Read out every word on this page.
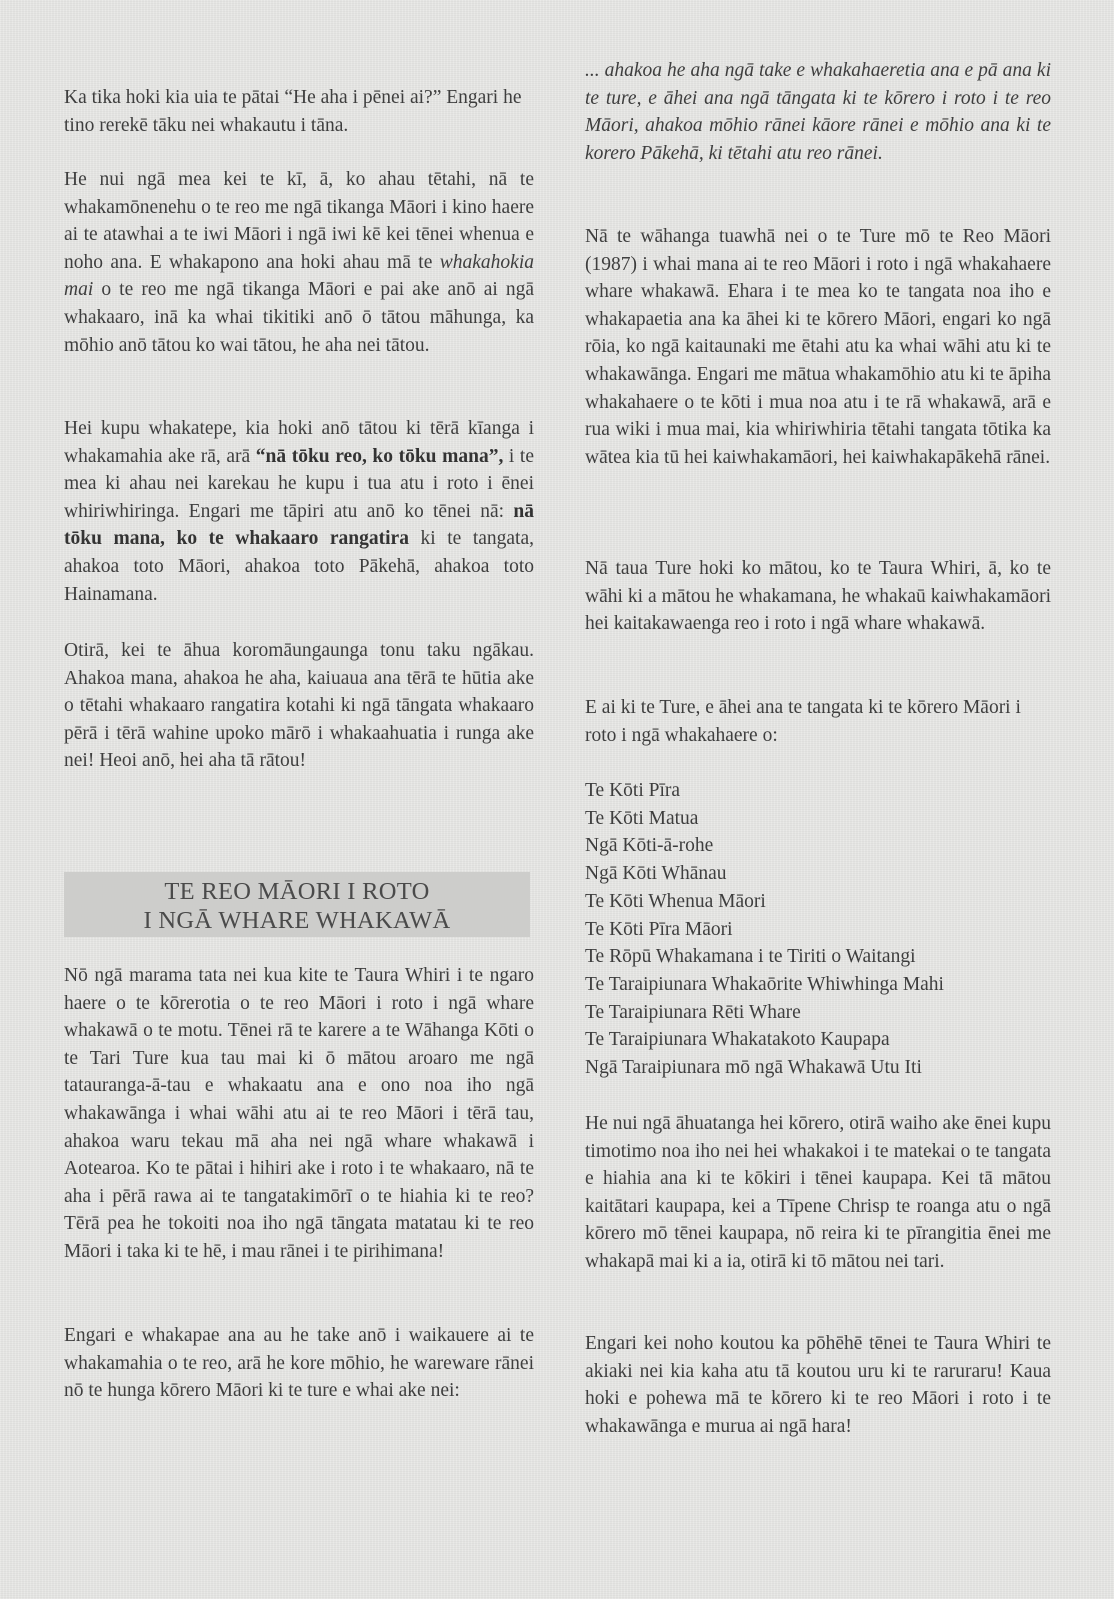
Ka tika hoki kia uia te pātai “He aha i pēnei ai?” Engari he tino rerekē tāku nei whakautu i tāna.

He nui ngā mea kei te kī, ā, ko ahau tētahi, nā te whakamōnenehu o te reo me ngā tikanga Māori i kino haere ai te atawhai a te iwi Māori i ngā iwi kē kei tēnei whenua e noho ana. E whakapono ana hoki ahau mā te whakahokia mai o te reo me ngā tikanga Māori e pai ake anō ai ngā whakaaro, inā ka whai tikitiki anō ō tātou māhunga, ka mōhio anō tātou ko wai tātou, he aha nei tātou.

Hei kupu whakatepe, kia hoki anō tātou ki tērā kīanga i whakamahia ake rā, arā “nā tōku reo, ko tōku mana”, i te mea ki ahau nei karekau he kupu i tua atu i roto i ēnei whiriwhiringa. Engari me tāpiri atu anō ko tēnei nā: nā tōku mana, ko te whakaaro rangatira ki te tangata, ahakoa toto Māori, ahakoa toto Pākehā, ahakoa toto Hainamana.

Otirā, kei te āhua koromāungaunga tonu taku ngākau. Ahakoa mana, ahakoa he aha, kaiuaua ana tērā te hūtia ake o tētahi whakaaro rangatira kotahi ki ngā tāngata whakaaro pērā i tērā wahine upoko mārō i whakaahuatia i runga ake nei! Heoi anō, hei aha tā rātou!

Nō ngā marama tata nei kua kite te Taura Whiri i te ngaro haere o te kōrerotia o te reo Māori i roto i ngā whare whakawā o te motu. Tēnei rā te karere a te Wāhanga Kōti o te Tari Ture kua tau mai ki ō mātou aroaro me ngā tatauranga-ā-tau e whakaatu ana e ono noa iho ngā whakawānga i whai wāhi atu ai te reo Māori i tērā tau, ahakoa waru tekau mā aha nei ngā whare whakawā i Aotearoa. Ko te pātai i hihiri ake i roto i te whakaaro, nā te aha i pērā rawa ai te tangatakimōrī o te hiahia ki te reo? Tērā pea he tokoiti noa iho ngā tāngata matatau ki te reo Māori i taka ki te hē, i mau rānei i te pirihimana!

Engari e whakapae ana au he take anō i waikauere ai te whakamahia o te reo, arā he kore mōhio, he wareware rānei nō te hunga kōrero Māori ki te ture e whai ake nei:

TE REO MĀORI I ROTO
I NGĀ WHARE WHAKAWĀ

... ahakoa he aha ngā take e whakahaeretia ana e pā ana ki te ture, e āhei ana ngā tāngata ki te kōrero i roto i te reo Māori, ahakoa mōhio rānei kāore rānei e mōhio ana ki te korero Pākehā, ki tētahi atu reo rānei.

Nā te wāhanga tuawhā nei o te Ture mō te Reo Māori (1987) i whai mana ai te reo Māori i roto i ngā whakahaere whare whakawā. Ehara i te mea ko te tangata noa iho e whakapaetia ana ka āhei ki te kōrero Māori, engari ko ngā rōia, ko ngā kaitaunaki me ētahi atu ka whai wāhi atu ki te whakawānga. Engari me mātua whakamōhio atu ki te āpiha whakahaere o te kōti i mua noa atu i te rā whakawā, arā e rua wiki i mua mai, kia whiriwhiria tētahi tangata tōtika ka wātea kia tū hei kaiwhakamāori, hei kaiwhakapākehā rānei.

Nā taua Ture hoki ko mātou, ko te Taura Whiri, ā, ko te wāhi ki a mātou he whakamana, he whakaū kaiwhakamāori hei kaitakawaenga reo i roto i ngā whare whakawā.

E ai ki te Ture, e āhei ana te tangata ki te kōrero Māori i roto i ngā whakahaere o:

Te Kōti Pīra
Te Kōti Matua
Ngā Kōti-ā-rohe
Ngā Kōti Whānau
Te Kōti Whenua Māori
Te Kōti Pīra Māori
Te Rōpū Whakamana i te Tiriti o Waitangi
Te Taraipiunara Whakaōrite Whiwhinga Mahi
Te Taraipiunara Rēti Whare
Te Taraipiunara Whakatakoto Kaupapa
Ngā Taraipiunara mō ngā Whakawā Utu Iti

He nui ngā āhuatanga hei kōrero, otirā waiho ake ēnei kupu timotimo noa iho nei hei whakakoi i te matekai o te tangata e hiahia ana ki te kōkiri i tēnei kaupapa. Kei tā mātou kaitātari kaupapa, kei a Tīpene Chrisp te roanga atu o ngā kōrero mō tēnei kaupapa, nō reira ki te pīrangitia ēnei me whakapā mai ki a ia, otirā ki tō mātou nei tari.

Engari kei noho koutou ka pōhēhē tēnei te Taura Whiri te akiaki nei kia kaha atu tā koutou uru ki te raruraru! Kaua hoki e pohewa mā te kōrero ki te reo Māori i roto i te whakawānga e murua ai ngā hara!
